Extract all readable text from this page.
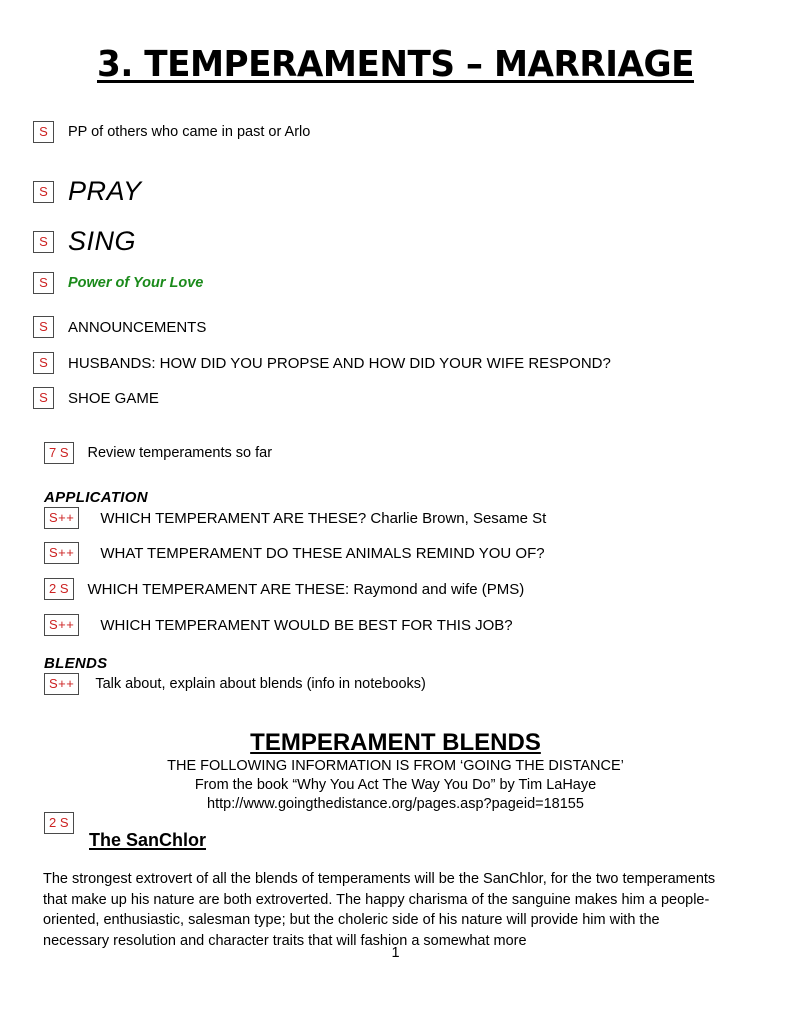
3. TEMPERAMENTS – MARRIAGE
S	PP of others who came in past or Arlo
S PRAY
S SING
S	Power of Your Love
S	ANNOUNCEMENTS
S	HUSBANDS: HOW DID YOU PROPSE AND HOW DID YOUR WIFE RESPOND?
S	SHOE GAME
7 S	Review temperaments so far
APPLICATION
S++	WHICH TEMPERAMENT ARE THESE? Charlie Brown, Sesame St
S++	WHAT TEMPERAMENT DO THESE ANIMALS REMIND YOU OF?
2 S	WHICH TEMPERAMENT ARE THESE: Raymond and wife (PMS)
S++	WHICH TEMPERAMENT WOULD BE BEST FOR THIS JOB?
BLENDS
S++	Talk about, explain about blends (info in notebooks)
TEMPERAMENT BLENDS
THE FOLLOWING INFORMATION IS FROM ‘GOING THE DISTANCE’
From the book “Why You Act The Way You Do” by Tim LaHaye
http://www.goingthedistance.org/pages.asp?pageid=18155
2 S
The SanChlor
The strongest extrovert of all the blends of temperaments will be the SanChlor, for the two temperaments that make up his nature are both extroverted. The happy charisma of the sanguine makes him a people-oriented, enthusiastic, salesman type; but the choleric side of his nature will provide him with the necessary resolution and character traits that will fashion a somewhat more
1
